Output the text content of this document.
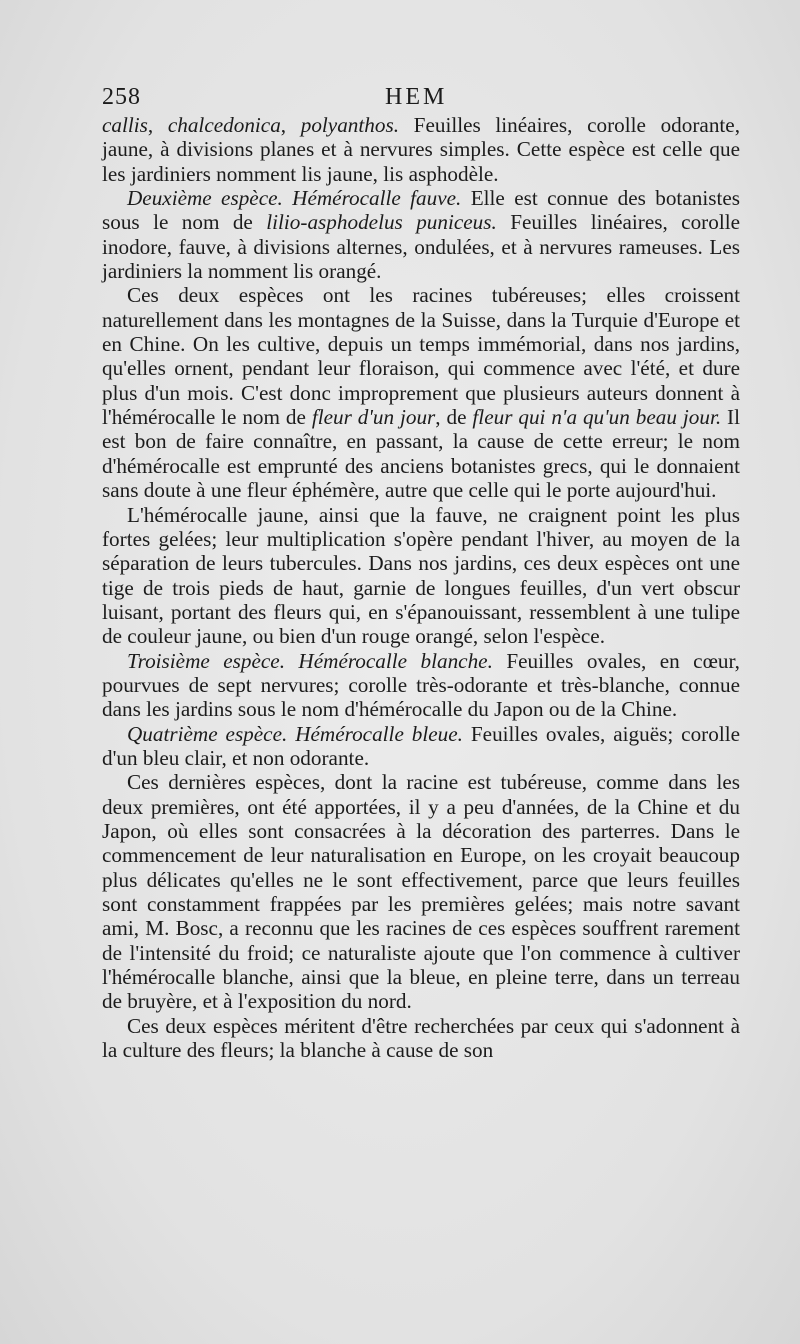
258	HEM

callis, chalcedonica, polyanthos. Feuilles linéaires, corolle odorante, jaune, à divisions planes et à nervures simples. Cette espèce est celle que les jardiniers nomment lis jaune, lis asphodèle.

Deuxième espèce. Hémérocalle fauve. Elle est connue des botanistes sous le nom de lilio-asphodelus puniceus. Feuilles linéaires, corolle inodore, fauve, à divisions alternes, ondulées, et à nervures rameuses. Les jardiniers la nomment lis orangé.

Ces deux espèces ont les racines tubéreuses; elles croissent naturellement dans les montagnes de la Suisse, dans la Turquie d'Europe et en Chine. On les cultive, depuis un temps immémorial, dans nos jardins, qu'elles ornent, pendant leur floraison, qui commence avec l'été, et dure plus d'un mois. C'est donc improprement que plusieurs auteurs donnent à l'hémérocalle le nom de fleur d'un jour, de fleur qui n'a qu'un beau jour. Il est bon de faire connaître, en passant, la cause de cette erreur; le nom d'hémérocalle est emprunté des anciens botanistes grecs, qui le donnaient sans doute à une fleur éphémère, autre que celle qui le porte aujourd'hui.

L'hémérocalle jaune, ainsi que la fauve, ne craignent point les plus fortes gelées; leur multiplication s'opère pendant l'hiver, au moyen de la séparation de leurs tubercules. Dans nos jardins, ces deux espèces ont une tige de trois pieds de haut, garnie de longues feuilles, d'un vert obscur luisant, portant des fleurs qui, en s'épanouissant, ressemblent à une tulipe de couleur jaune, ou bien d'un rouge orangé, selon l'espèce.

Troisième espèce. Hémérocalle blanche. Feuilles ovales, en cœur, pourvues de sept nervures; corolle très-odorante et très-blanche, connue dans les jardins sous le nom d'hémérocalle du Japon ou de la Chine.

Quatrième espèce. Hémérocalle bleue. Feuilles ovales, aiguës; corolle d'un bleu clair, et non odorante.

Ces dernières espèces, dont la racine est tubéreuse, comme dans les deux premières, ont été apportées, il y a peu d'années, de la Chine et du Japon, où elles sont consacrées à la décoration des parterres. Dans le commencement de leur naturalisation en Europe, on les croyait beaucoup plus délicates qu'elles ne le sont effectivement, parce que leurs feuilles sont constamment frappées par les premières gelées; mais notre savant ami, M. Bosc, a reconnu que les racines de ces espèces souffrent rarement de l'intensité du froid; ce naturaliste ajoute que l'on commence à cultiver l'hémérocalle blanche, ainsi que la bleue, en pleine terre, dans un terreau de bruyère, et à l'exposition du nord.

Ces deux espèces méritent d'être recherchées par ceux qui s'adonnent à la culture des fleurs; la blanche à cause de son
